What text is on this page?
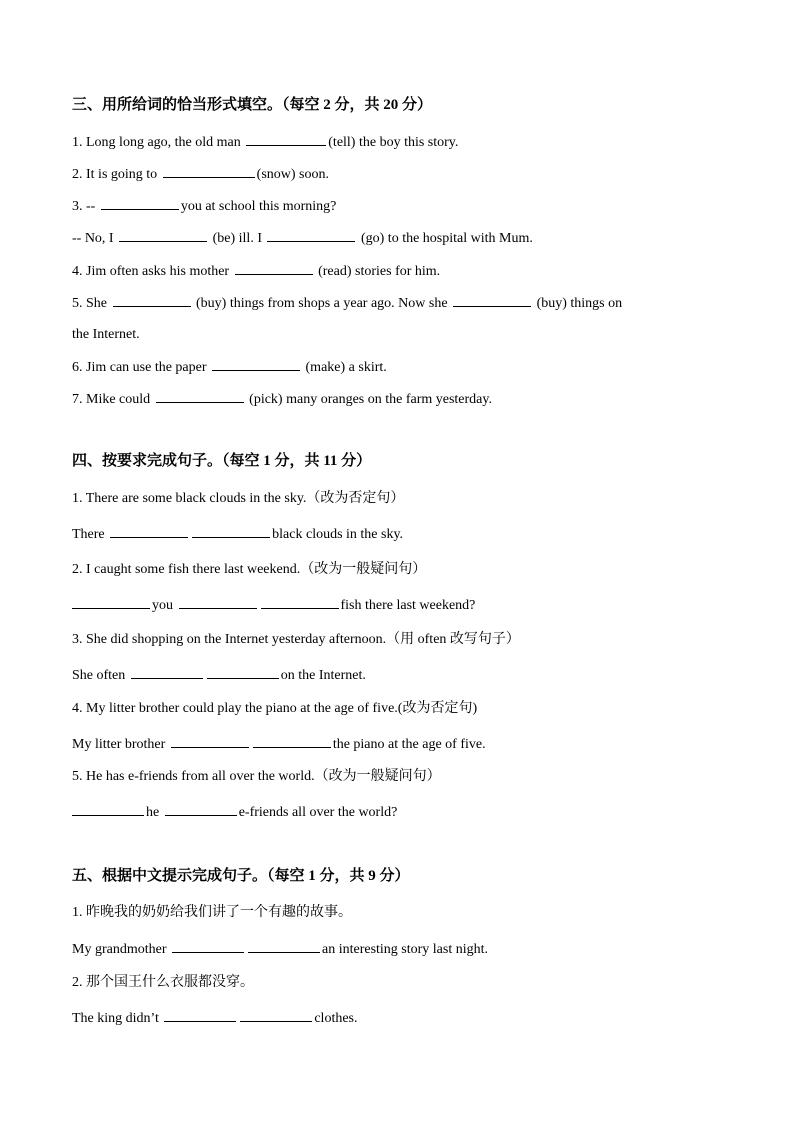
三、用所给词的恰当形式填空。（每空 2 分，共 20 分）
1. Long long ago, the old man	(tell) the boy this story.
2. It is going to	(snow) soon.
3. --	you at school this morning?
-- No, I	(be) ill. I	(go) to the hospital with Mum.
4. Jim often asks his mother	(read) stories for him.
5. She	(buy) things from shops a year ago. Now she	(buy) things on
the Internet.
6. Jim can use the paper	(make) a skirt.
7. Mike could	(pick) many oranges on the farm yesterday.
四、按要求完成句子。（每空 1 分，共 11 分）
1. There are some black clouds in the sky.（改为否定句）
There	black clouds in the sky.
2. I caught some fish there last weekend.（改为一般疑问句）
you	fish there last weekend?
3. She did shopping on the Internet yesterday afternoon.（用 often 改写句子）
She often	on the Internet.
4. My litter brother could play the piano at the age of five.(改为否定句)
My litter brother	the piano at the age of five.
5. He has e-friends from all over the world.（改为一般疑问句）
he	e-friends all over the world?
五、根据中文提示完成句子。（每空 1 分，共 9 分）
1. 昨晚我的奶奶给我们讲了一个有趣的故事。
My grandmother	an interesting story last night.
2. 那个国王什么衣服都没穿。
The king didn’t	clothes.
